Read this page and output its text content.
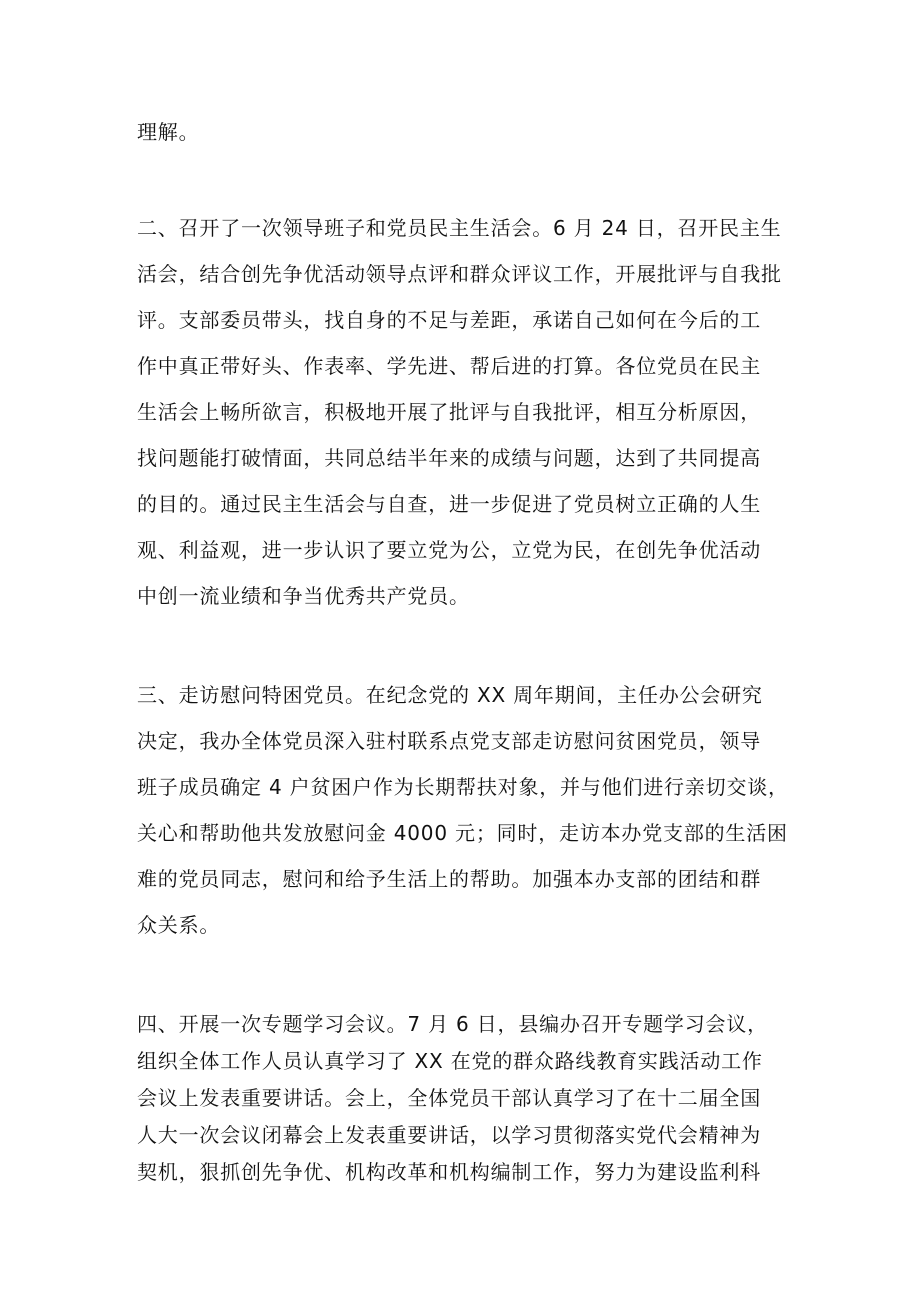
理解。
二、召开了一次领导班子和党员民主生活会。6 月 24 日，召开民主生
活会，结合创先争优活动领导点评和群众评议工作，开展批评与自我批
评。支部委员带头，找自身的不足与差距，承诺自己如何在今后的工
作中真正带好头、作表率、学先进、帮后进的打算。各位党员在民主
生活会上畅所欲言，积极地开展了批评与自我批评，相互分析原因，
找问题能打破情面，共同总结半年来的成绩与问题，达到了共同提高
的目的。通过民主生活会与自查，进一步促进了党员树立正确的人生
观、利益观，进一步认识了要立党为公，立党为民，在创先争优活动
中创一流业绩和争当优秀共产党员。
三、走访慰问特困党员。在纪念党的 XX 周年期间，主任办公会研究
决定，我办全体党员深入驻村联系点党支部走访慰问贫困党员，领导
班子成员确定 4 户贫困户作为长期帮扶对象，并与他们进行亲切交谈，
关心和帮助他共发放慰问金 4000 元；同时，走访本办党支部的生活困
难的党员同志，慰问和给予生活上的帮助。加强本办支部的团结和群
众关系。
四、开展一次专题学习会议。7 月 6 日，县编办召开专题学习会议，
组织全体工作人员认真学习了 XX 在党的群众路线教育实践活动工作
会议上发表重要讲话。会上，全体党员干部认真学习了在十二届全国
人大一次会议闭幕会上发表重要讲话，以学习贯彻落实党代会精神为
契机，狠抓创先争优、机构改革和机构编制工作，努力为建设监利科
